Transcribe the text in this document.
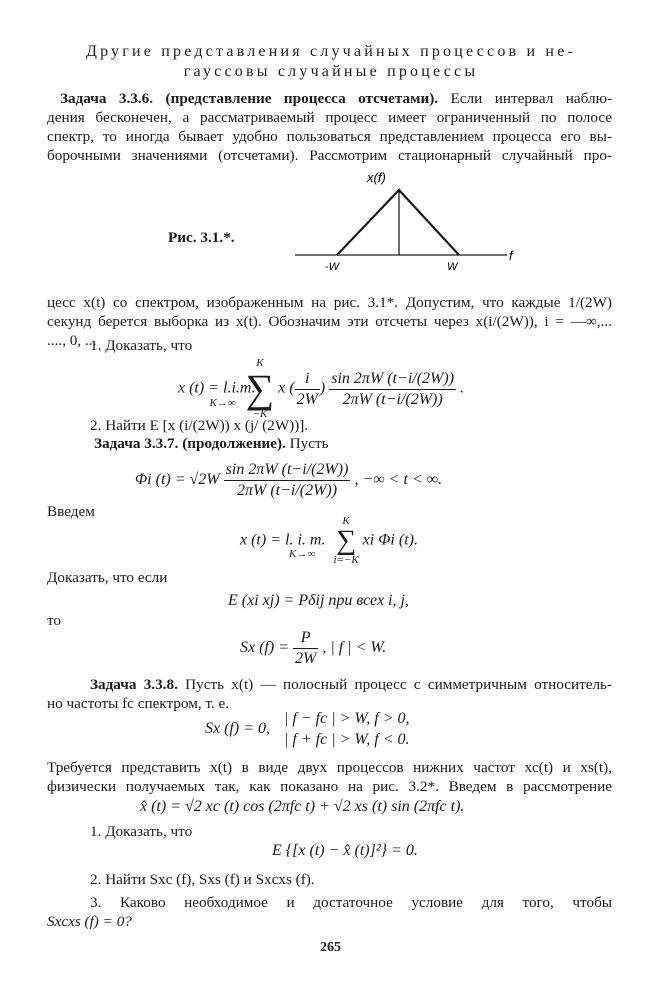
Другие представления случайных процессов и не-
гауссовы случайные процессы
Задача 3.3.6. (представление процесса отсчетами). Если интервал наблю-
дения бесконечен, а рассматриваемый процесс имеет ограниченный по полосе
спектр, то иногда бывает удобно пользоваться представлением процесса его вы-
борочными значениями (отсчетами). Рассмотрим стационарный случайный про-
Рис. 3.1.*.
x(f)
f
-W	W
цесс x(t) со спектром, изображенным на рис. 3.1*. Допустим, что каждые 1/(2W)
секунд берется выборка из x(t). Обозначим эти отсчеты через x(i/(2W)), i = —∞,...
...., 0, ...
1. Доказать, что
x (t) = l.i.m.
K→∞

K
∑
−K
x ( $\frac{i}{2W}$ ) $\frac{\sin 2\pi W (t-i/(2W))}{2\pi W (t-i/(2W))}$ .
2. Найти E [x (i/(2W)) x (j/ (2W))].
Задача 3.3.7. (продолжение). Пусть
Φi $(t) = √2W \frac{\sin 2\pi W (t-i/(2W))}{2\pi W (t-i/(2W))}$ , −∞ < t < ∞.
Введем
x (t) = l. i. m.
K
∑
i=−K
xi Φi (t).
K→∞
Доказать, что если
E (xi xj) = Pδij при всех i, j,
то
Sx $(f) = \frac{P}{2W}$ , | f | < W.
Задача 3.3.8. Пусть x(t) — полосный процесс с симметричным относитель-
но частоты fc спектром, т. е.
Sx (f) = 0,
| f − fc | > W, f > 0,
| f + fc | > W, f < 0.
Требуется представить x(t) в виде двух процессов нижних частот xc(t) и xs(t),
физически получаемых так, как показано на рис. 3.2*. Введем в рассмотрение
x̂ (t) = √2 xc (t) cos (2πfc t) + √2 xs (t) sin (2πfc t).
1. Доказать, что
E {[x (t) − x̂ (t)]²} = 0.
2. Найти Sxc (f), Sxs (f) и Sxcxs (f).
3. Каково необходимое и достаточное условие для того, чтобы
Sxcxs (f) = 0?
265
